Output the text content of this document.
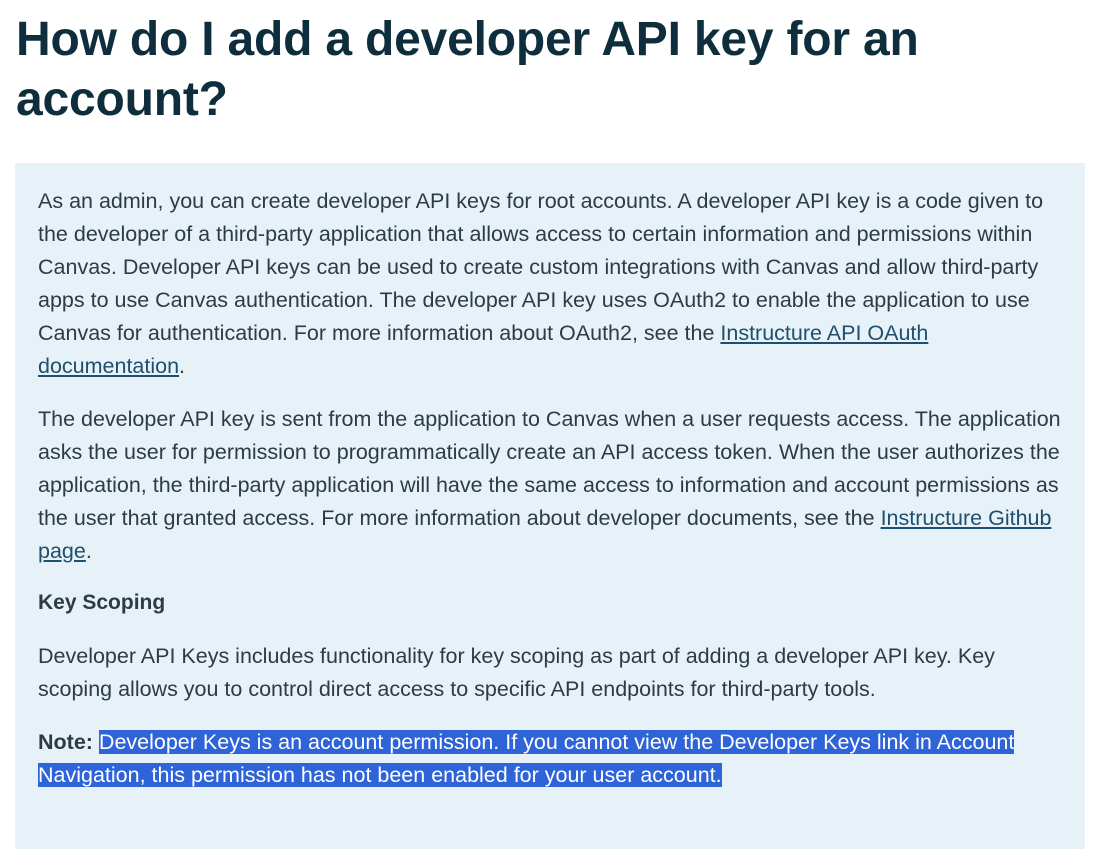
How do I add a developer API key for an account?

As an admin, you can create developer API keys for root accounts. A developer API key is a code given to the developer of a third-party application that allows access to certain information and permissions within Canvas. Developer API keys can be used to create custom integrations with Canvas and allow third-party apps to use Canvas authentication. The developer API key uses OAuth2 to enable the application to use Canvas for authentication. For more information about OAuth2, see the Instructure API OAuth documentation.

The developer API key is sent from the application to Canvas when a user requests access. The application asks the user for permission to programmatically create an API access token. When the user authorizes the application, the third-party application will have the same access to information and account permissions as the user that granted access. For more information about developer documents, see the Instructure Github page.

Key Scoping

Developer API Keys includes functionality for key scoping as part of adding a developer API key. Key scoping allows you to control direct access to specific API endpoints for third-party tools.

Note: Developer Keys is an account permission. If you cannot view the Developer Keys link in Account Navigation, this permission has not been enabled for your user account.
